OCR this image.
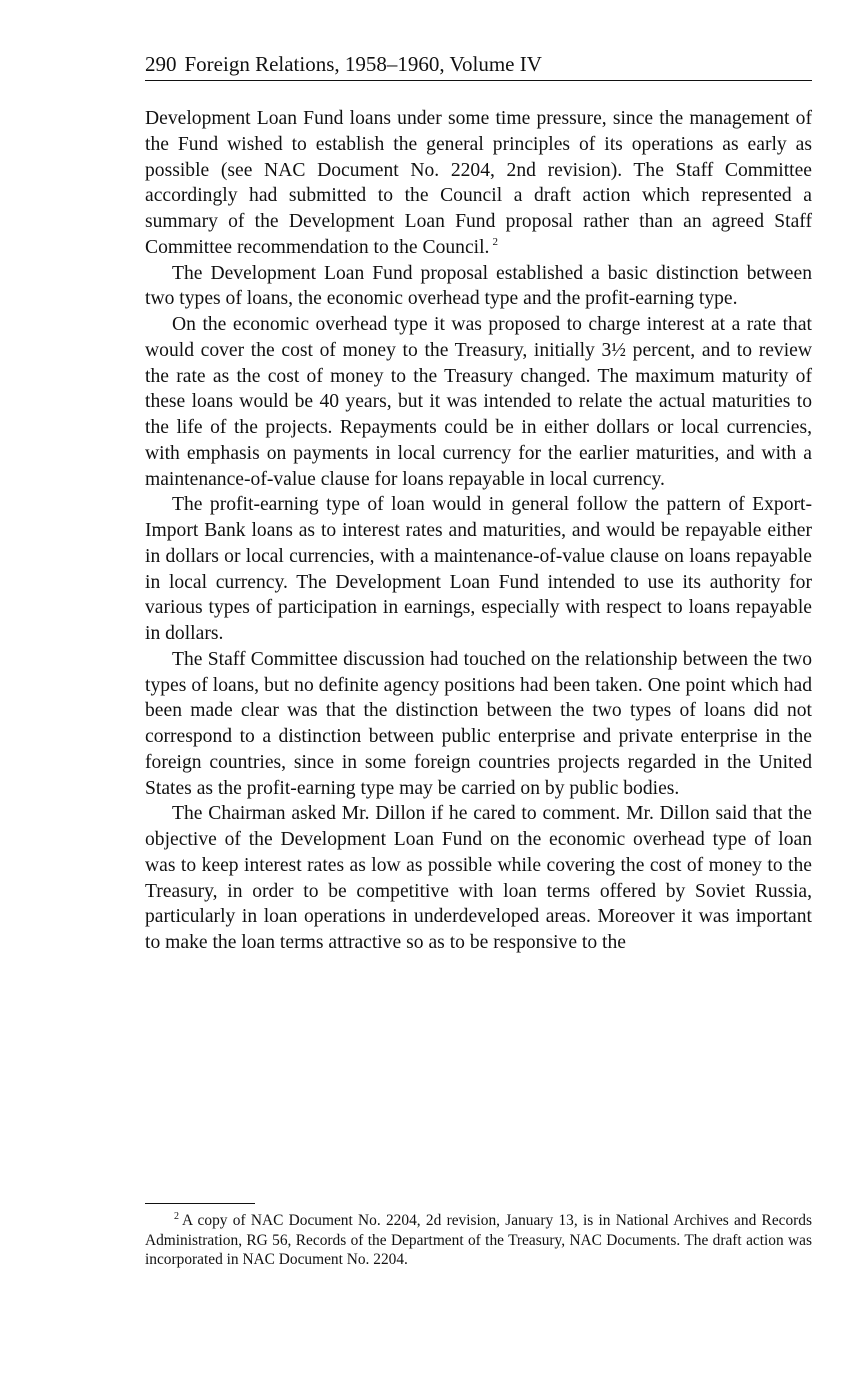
290 Foreign Relations, 1958–1960, Volume IV

Development Loan Fund loans under some time pressure, since the management of the Fund wished to establish the general principles of its operations as early as possible (see NAC Document No. 2204, 2nd revision). The Staff Committee accordingly had submitted to the Council a draft action which represented a summary of the Development Loan Fund proposal rather than an agreed Staff Committee recommendation to the Council. $^2$

The Development Loan Fund proposal established a basic distinction between two types of loans, the economic overhead type and the profit-earning type.

On the economic overhead type it was proposed to charge interest at a rate that would cover the cost of money to the Treasury, initially 3½ percent, and to review the rate as the cost of money to the Treasury changed. The maximum maturity of these loans would be 40 years, but it was intended to relate the actual maturities to the life of the projects. Repayments could be in either dollars or local currencies, with emphasis on payments in local currency for the earlier maturities, and with a maintenance-of-value clause for loans repayable in local currency.

The profit-earning type of loan would in general follow the pattern of Export-Import Bank loans as to interest rates and maturities, and would be repayable either in dollars or local currencies, with a maintenance-of-value clause on loans repayable in local currency. The Development Loan Fund intended to use its authority for various types of participation in earnings, especially with respect to loans repayable in dollars.

The Staff Committee discussion had touched on the relationship between the two types of loans, but no definite agency positions had been taken. One point which had been made clear was that the distinction between the two types of loans did not correspond to a distinction between public enterprise and private enterprise in the foreign countries, since in some foreign countries projects regarded in the United States as the profit-earning type may be carried on by public bodies.

The Chairman asked Mr. Dillon if he cared to comment. Mr. Dillon said that the objective of the Development Loan Fund on the economic overhead type of loan was to keep interest rates as low as possible while covering the cost of money to the Treasury, in order to be competitive with loan terms offered by Soviet Russia, particularly in loan operations in underdeveloped areas. Moreover it was important to make the loan terms attractive so as to be responsive to the

$^2$ A copy of NAC Document No. 2204, 2d revision, January 13, is in National Archives and Records Administration, RG 56, Records of the Department of the Treasury, NAC Documents. The draft action was incorporated in NAC Document No. 2204.
